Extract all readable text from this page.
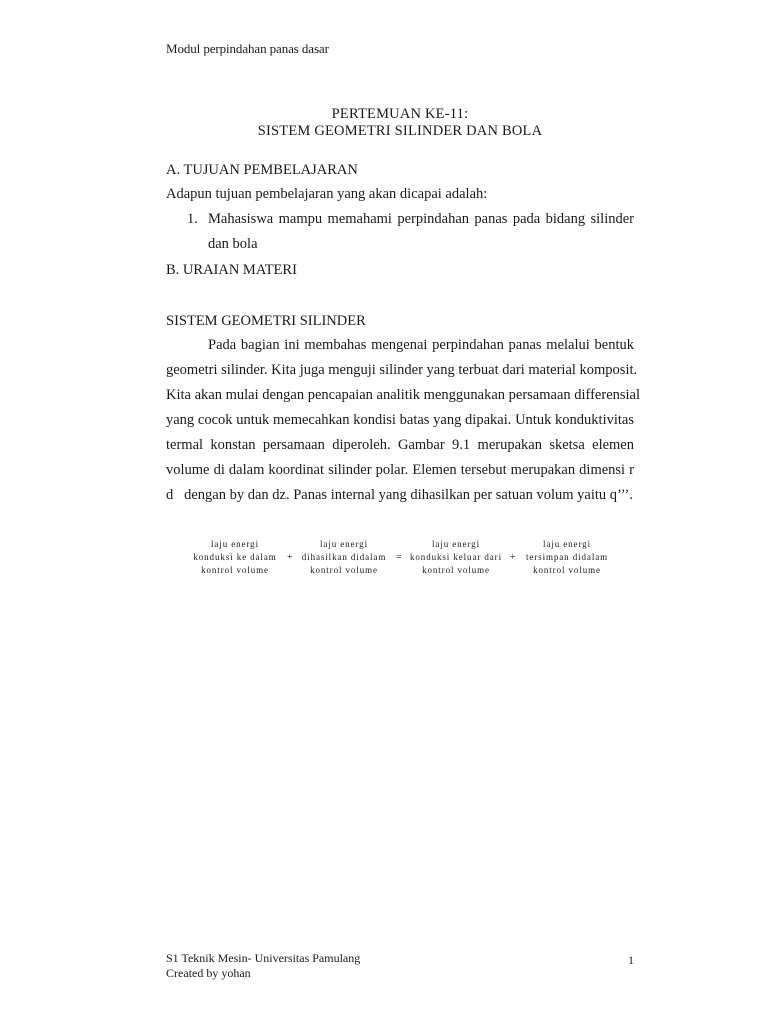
Modul perpindahan panas dasar
PERTEMUAN KE-11:
SISTEM GEOMETRI SILINDER DAN BOLA
A. TUJUAN PEMBELAJARAN
Adapun tujuan pembelajaran yang akan dicapai adalah:
1. Mahasiswa mampu memahami perpindahan panas pada bidang silinder
dan bola
B. URAIAN MATERI
SISTEM GEOMETRI SILINDER
Pada bagian ini membahas mengenai perpindahan panas melalui bentuk
geometri silinder. Kita juga menguji silinder yang terbuat dari material komposit.
Kita akan mulai dengan pencapaian analitik menggunakan persamaan differensial
yang cocok untuk memecahkan kondisi batas yang dipakai. Untuk konduktivitas
termal konstan persamaan diperoleh. Gambar 9.1 merupakan sketsa elemen
volume di dalam koordinat silinder polar. Elemen tersebut merupakan dimensi r
d   dengan by dan dz. Panas internal yang dihasilkan per satuan volum yaitu q’’’.
laju energi
konduksi ke dalam
kontrol volume
+
laju energi
dihasilkan didalam
kontrol volume
=
laju energi
konduksi keluar dari
kontrol volume
+
laju energi
tersimpan didalam
kontrol volume
S1 Teknik Mesin- Universitas Pamulang
Created by yohan
1
